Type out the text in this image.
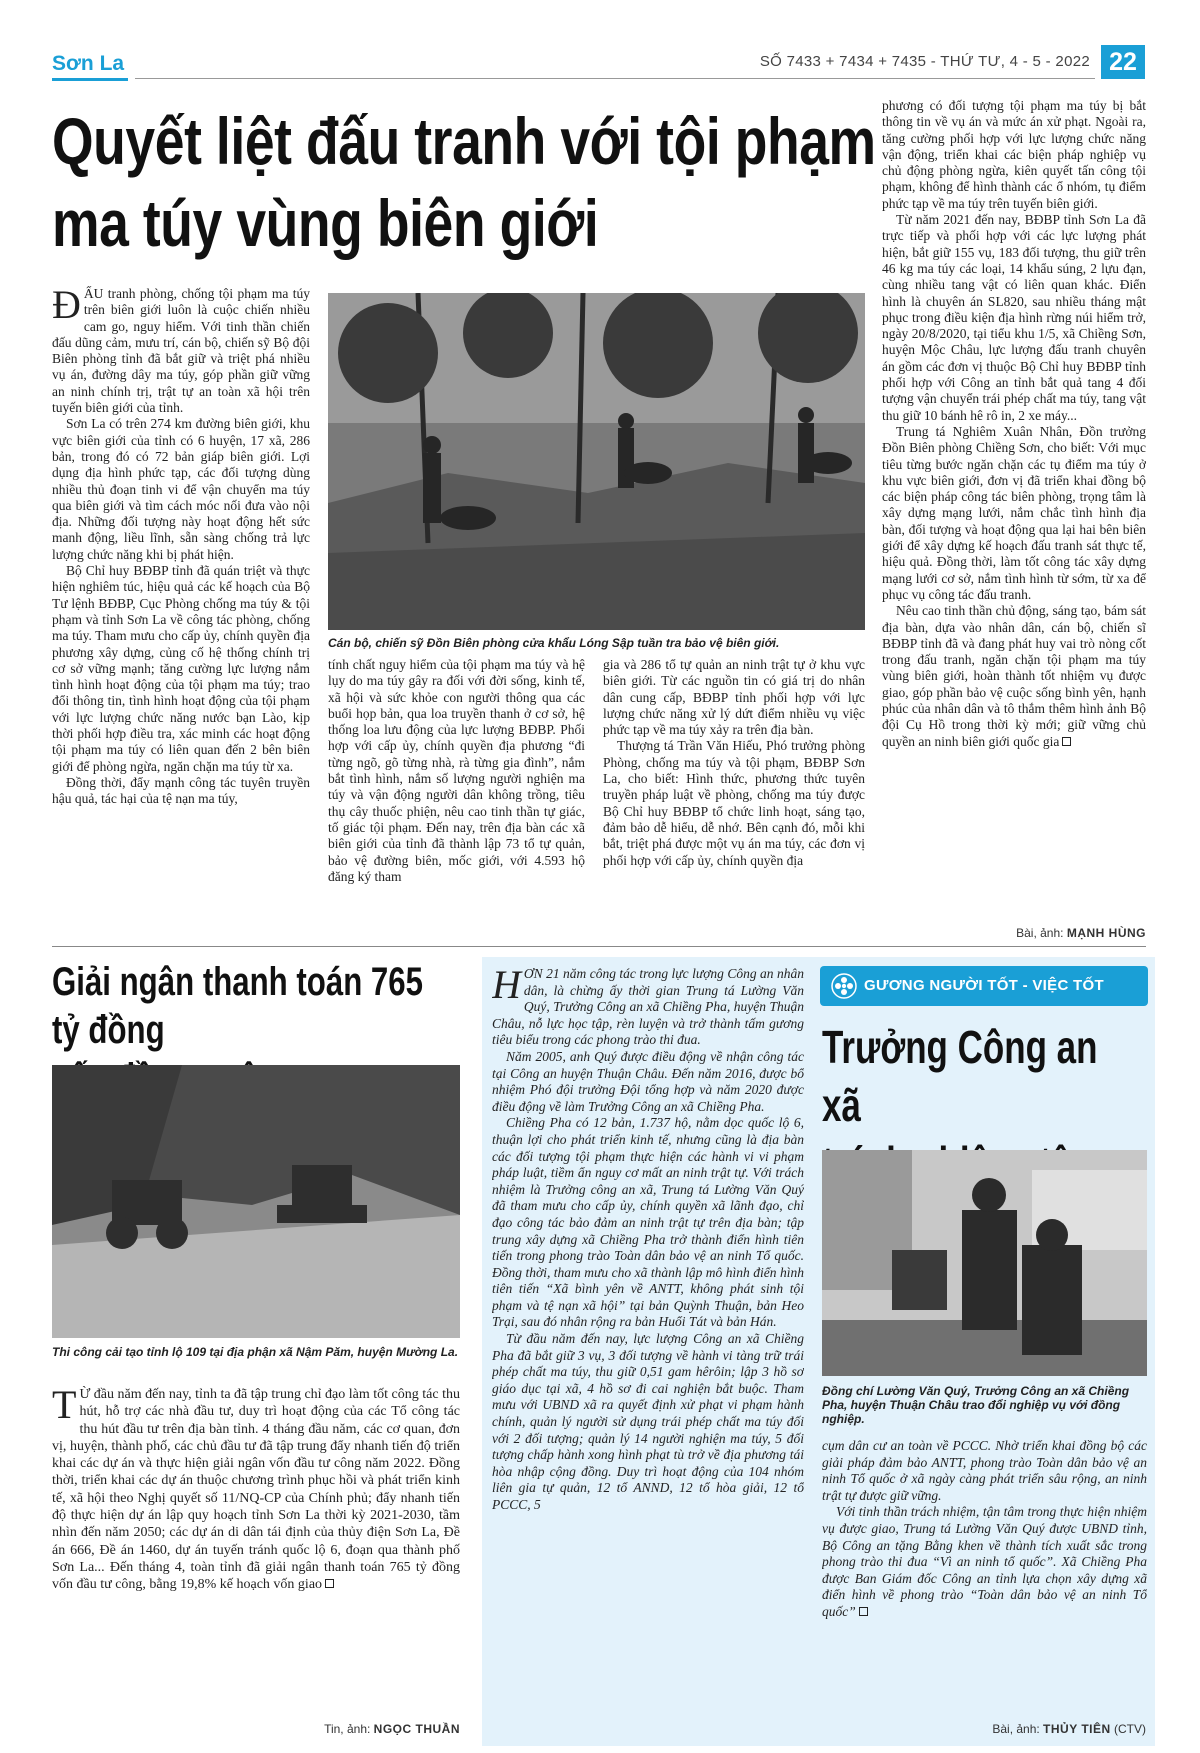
Sơn La	SỐ 7433 + 7434 + 7435 - THỨ TƯ, 4 - 5 - 2022 22
Quyết liệt đấu tranh với tội phạm
ma túy vùng biên giới

ĐẤU tranh phòng, chống tội phạm ma túy trên biên giới luôn là cuộc chiến nhiều cam go, nguy hiểm. Với tinh thần chiến đấu dũng cảm, mưu trí, cán bộ, chiến sỹ Bộ đội Biên phòng tỉnh đã bắt giữ và triệt phá nhiều vụ án, đường dây ma túy, góp phần giữ vững an ninh chính trị, trật tự an toàn xã hội trên tuyến biên giới của tỉnh.

Sơn La có trên 274 km đường biên giới, khu vực biên giới của tỉnh có 6 huyện, 17 xã, 286 bản, trong đó có 72 bản giáp biên giới. Lợi dụng địa hình phức tạp, các đối tượng dùng nhiều thủ đoạn tinh vi để vận chuyển ma túy qua biên giới và tìm cách móc nối đưa vào nội địa. Những đối tượng này hoạt động hết sức manh động, liều lĩnh, sẵn sàng chống trả lực lượng chức năng khi bị phát hiện.

Bộ Chỉ huy BĐBP tỉnh đã quán triệt và thực hiện nghiêm túc, hiệu quả các kế hoạch của Bộ Tư lệnh BĐBP, Cục Phòng chống ma túy & tội phạm và tỉnh Sơn La về công tác phòng, chống ma túy. Tham mưu cho cấp ủy, chính quyền địa phương xây dựng, củng cố hệ thống chính trị cơ sở vững mạnh; tăng cường lực lượng nắm tình hình hoạt động của tội phạm ma túy; trao đổi thông tin, tình hình hoạt động của tội phạm với lực lượng chức năng nước bạn Lào, kịp thời phối hợp điều tra, xác minh các hoạt động tội phạm ma túy có liên quan đến 2 bên biên giới để phòng ngừa, ngăn chặn ma túy từ xa.

Đồng thời, đẩy mạnh công tác tuyên truyền hậu quả, tác hại của tệ nạn ma túy,

Cán bộ, chiến sỹ Đồn Biên phòng cửa khẩu Lóng Sập tuần tra bảo vệ biên giới.

tính chất nguy hiểm của tội phạm ma túy và hệ lụy do ma túy gây ra đối với đời sống, kinh tế, xã hội và sức khỏe con người thông qua các buổi họp bản, qua loa truyền thanh ở cơ sở, hệ thống loa lưu động của lực lượng BĐBP. Phối hợp với cấp ủy, chính quyền địa phương “đi từng ngõ, gõ từng nhà, rà từng gia đình”, nắm bắt tình hình, nắm số lượng người nghiện ma túy và vận động người dân không trồng, tiêu thụ cây thuốc phiện, nêu cao tinh thần tự giác, tố giác tội phạm. Đến nay, trên địa bàn các xã biên giới của tỉnh đã thành lập 73 tổ tự quản, bảo vệ đường biên, mốc giới, với 4.593 hộ đăng ký tham

gia và 286 tổ tự quản an ninh trật tự ở khu vực biên giới. Từ các nguồn tin có giá trị do nhân dân cung cấp, BĐBP tỉnh phối hợp với lực lượng chức năng xử lý dứt điểm nhiều vụ việc phức tạp về ma túy xảy ra trên địa bàn.

Thượng tá Trần Văn Hiếu, Phó trưởng phòng Phòng, chống ma túy và tội phạm, BĐBP Sơn La, cho biết: Hình thức, phương thức tuyên truyền pháp luật về phòng, chống ma túy được Bộ Chỉ huy BĐBP tổ chức linh hoạt, sáng tạo, đảm bảo dễ hiểu, dễ nhớ. Bên cạnh đó, mỗi khi bắt, triệt phá được một vụ án ma túy, các đơn vị phối hợp với cấp ủy, chính quyền địa

phương có đối tượng tội phạm ma túy bị bắt thông tin về vụ án và mức án xử phạt. Ngoài ra, tăng cường phối hợp với lực lượng chức năng vận động, triển khai các biện pháp nghiệp vụ chủ động phòng ngừa, kiên quyết tấn công tội phạm, không để hình thành các ổ nhóm, tụ điểm phức tạp về ma túy trên tuyến biên giới.

Từ năm 2021 đến nay, BĐBP tỉnh Sơn La đã trực tiếp và phối hợp với các lực lượng phát hiện, bắt giữ 155 vụ, 183 đối tượng, thu giữ trên 46 kg ma túy các loại, 14 khẩu súng, 2 lựu đạn, cùng nhiều tang vật có liên quan khác. Điển hình là chuyên án SL820, sau nhiều tháng mật phục trong điều kiện địa hình rừng núi hiểm trở, ngày 20/8/2020, tại tiểu khu 1/5, xã Chiềng Sơn, huyện Mộc Châu, lực lượng đấu tranh chuyên án gồm các đơn vị thuộc Bộ Chỉ huy BĐBP tỉnh phối hợp với Công an tỉnh bắt quả tang 4 đối tượng vận chuyển trái phép chất ma túy, tang vật thu giữ 10 bánh hê rô in, 2 xe máy...

Trung tá Nghiêm Xuân Nhân, Đồn trưởng Đồn Biên phòng Chiềng Sơn, cho biết: Với mục tiêu từng bước ngăn chặn các tụ điểm ma túy ở khu vực biên giới, đơn vị đã triển khai đồng bộ các biện pháp công tác biên phòng, trọng tâm là xây dựng mạng lưới, nắm chắc tình hình địa bàn, đối tượng và hoạt động qua lại hai bên biên giới để xây dựng kế hoạch đấu tranh sát thực tế, hiệu quả. Đồng thời, làm tốt công tác xây dựng mạng lưới cơ sở, nắm tình hình từ sớm, từ xa để phục vụ công tác đấu tranh.

Nêu cao tinh thần chủ động, sáng tạo, bám sát địa bàn, dựa vào nhân dân, cán bộ, chiến sĩ BĐBP tỉnh đã và đang phát huy vai trò nòng cốt trong đấu tranh, ngăn chặn tội phạm ma túy vùng biên giới, hoàn thành tốt nhiệm vụ được giao, góp phần bảo vệ cuộc sống bình yên, hạnh phúc của nhân dân và tô thắm thêm hình ảnh Bộ đội Cụ Hồ trong thời kỳ mới; giữ vững chủ quyền an ninh biên giới quốc gia

Bài, ảnh: MẠNH HÙNG
Giải ngân thanh toán 765 tỷ đồng
Thi công cải tạo tỉnh lộ 109 tại địa phận xã Nậm Păm, huyện Mường La.

T Ừ đầu năm đến nay, tỉnh ta đã tập trung chỉ đạo làm tốt công tác thu hút, hỗ trợ các nhà đầu tư, duy trì hoạt động của các Tổ công tác thu hút đầu tư trên địa bàn tỉnh. 4 tháng đầu năm, các cơ quan, đơn vị, huyện, thành phố, các chủ đầu tư đã tập trung đẩy nhanh tiến độ triển khai các dự án và thực hiện giải ngân vốn đầu tư công năm 2022. Đồng thời, triển khai các dự án thuộc chương trình phục hồi và phát triển kinh tế, xã hội theo Nghị quyết số 11/NQ-CP của Chính phủ; đẩy nhanh tiến độ thực hiện dự án lập quy hoạch tỉnh Sơn La thời kỳ 2021-2030, tầm nhìn đến năm 2050; các dự án di dân tái định của thủy điện Sơn La, Đề án 666, Đề án 1460, dự án tuyến tránh quốc lộ 6, đoạn qua thành phố Sơn La... Đến tháng 4, toàn tỉnh đã giải ngân thanh toán 765 tỷ đồng vốn đầu tư công, bằng 19,8% kế hoạch vốn giao

Tin, ảnh: NGỌC THUẦN

HƠN 21 năm công tác trong lực lượng Công an nhân dân, là chừng ấy thời gian Trung tá Lường Văn Quý, Trưởng Công an xã Chiềng Pha, huyện Thuận Châu, nỗ lực học tập, rèn luyện và trở thành tấm gương tiêu biểu trong các phong trào thi đua.

Năm 2005, anh Quý được điều động về nhận công tác tại Công an huyện Thuận Châu. Đến năm 2016, được bổ nhiệm Phó đội trưởng Đội tổng hợp và năm 2020 được điều động về làm Trưởng Công an xã Chiềng Pha.

Chiềng Pha có 12 bản, 1.737 hộ, nằm dọc quốc lộ 6, thuận lợi cho phát triển kinh tế, nhưng cũng là địa bàn các đối tượng tội phạm thực hiện các hành vi vi phạm pháp luật, tiềm ẩn nguy cơ mất an ninh trật tự. Với trách nhiệm là Trưởng công an xã, Trung tá Lường Văn Quý đã tham mưu cho cấp ủy, chính quyền xã lãnh đạo, chỉ đạo công tác bảo đảm an ninh trật tự trên địa bàn; tập trung xây dựng xã Chiềng Pha trở thành điển hình tiên tiến trong phong trào Toàn dân bảo vệ an ninh Tổ quốc. Đồng thời, tham mưu cho xã thành lập mô hình điển hình tiên tiến “Xã bình yên về ANTT, không phát sinh tội phạm và tệ nạn xã hội” tại bản Quỳnh Thuận, bản Heo Trại, sau đó nhân rộng ra bản Huổi Tát và bản Hán.

Từ đầu năm đến nay, lực lượng Công an xã Chiềng Pha đã bắt giữ 3 vụ, 3 đối tượng về hành vi tàng trữ trái phép chất ma túy, thu giữ 0,51 gam hêrôin; lập 3 hồ sơ giáo dục tại xã, 4 hồ sơ đi cai nghiện bắt buộc. Tham mưu với UBND xã ra quyết định xử phạt vi phạm hành chính, quản lý người sử dụng trái phép chất ma túy đối với 2 đối tượng; quản lý 14 người nghiện ma túy, 5 đối tượng chấp hành xong hình phạt tù trở về địa phương tái hòa nhập cộng đồng. Duy trì hoạt động của 104 nhóm liên gia tự quản, 12 tổ ANND, 12 tổ hòa giải, 12 tổ PCCC, 5

GƯƠNG NGƯỜI TỐT - VIỆC TỐT
Trưởng Công an xã
Đồng chí Lường Văn Quý, Trưởng Công an xã Chiềng Pha, huyện Thuận Châu trao đổi nghiệp vụ với đồng nghiệp.

cụm dân cư an toàn về PCCC. Nhờ triển khai đồng bộ các giải pháp đảm bảo ANTT, phong trào Toàn dân bảo vệ an ninh Tổ quốc ở xã ngày càng phát triển sâu rộng, an ninh trật tự được giữ vững.

Với tinh thần trách nhiệm, tận tâm trong thực hiện nhiệm vụ được giao, Trung tá Lường Văn Quý được UBND tỉnh, Bộ Công an tặng Bằng khen về thành tích xuất sắc trong phong trào thi đua “Vì an ninh tổ quốc”. Xã Chiềng Pha được Ban Giám đốc Công an tỉnh lựa chọn xây dựng xã điển hình về phong trào “Toàn dân bảo vệ an ninh Tổ quốc”

Bài, ảnh: THỦY TIÊN (CTV)
